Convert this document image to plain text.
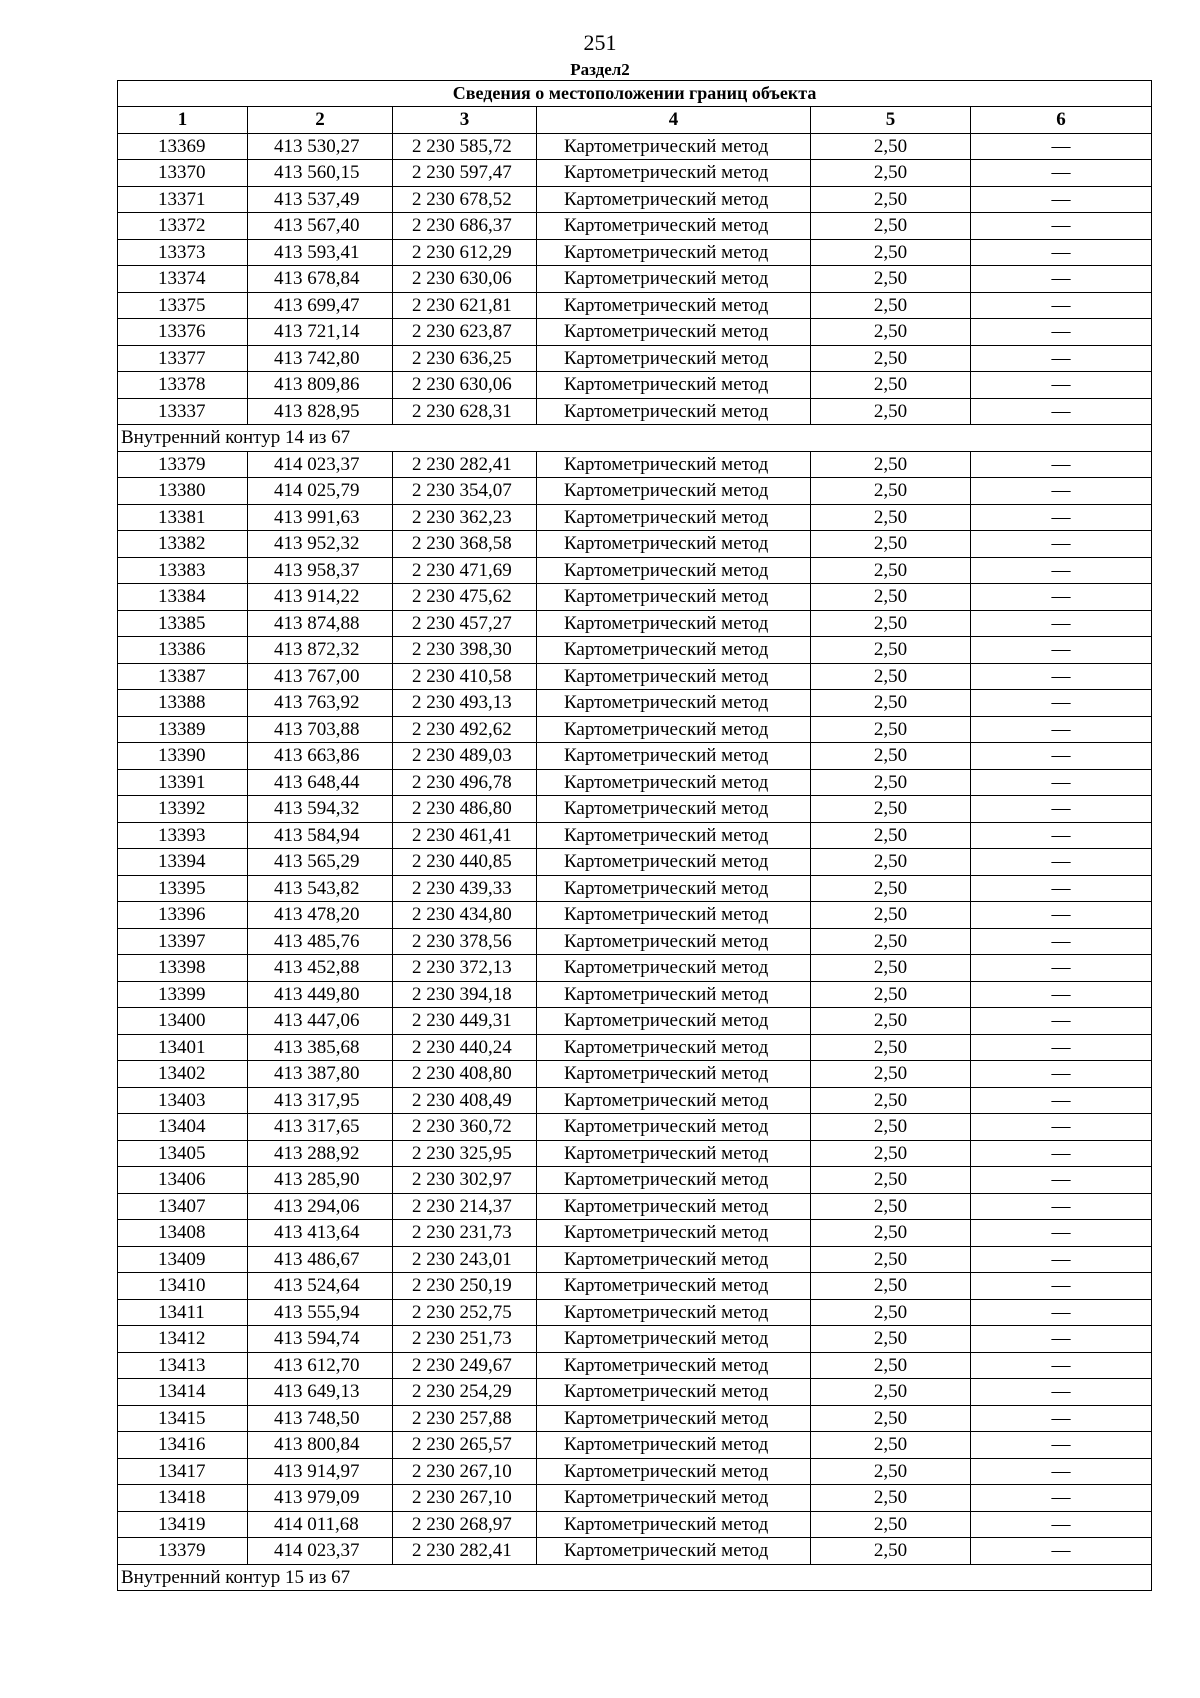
251
Раздел2
Сведения о местоположении границ объекта					
1	2	3	4	5	6
13369	413 530,27	2 230 585,72	Картометрический метод	2,50	—
13370	413 560,15	2 230 597,47	Картометрический метод	2,50	—
13371	413 537,49	2 230 678,52	Картометрический метод	2,50	—
13372	413 567,40	2 230 686,37	Картометрический метод	2,50	—
13373	413 593,41	2 230 612,29	Картометрический метод	2,50	—
13374	413 678,84	2 230 630,06	Картометрический метод	2,50	—
13375	413 699,47	2 230 621,81	Картометрический метод	2,50	—
13376	413 721,14	2 230 623,87	Картометрический метод	2,50	—
13377	413 742,80	2 230 636,25	Картометрический метод	2,50	—
13378	413 809,86	2 230 630,06	Картометрический метод	2,50	—
13337	413 828,95	2 230 628,31	Картометрический метод	2,50	—
Внутренний контур 14 из 67					
13379	414 023,37	2 230 282,41	Картометрический метод	2,50	—
13380	414 025,79	2 230 354,07	Картометрический метод	2,50	—
13381	413 991,63	2 230 362,23	Картометрический метод	2,50	—
13382	413 952,32	2 230 368,58	Картометрический метод	2,50	—
13383	413 958,37	2 230 471,69	Картометрический метод	2,50	—
13384	413 914,22	2 230 475,62	Картометрический метод	2,50	—
13385	413 874,88	2 230 457,27	Картометрический метод	2,50	—
13386	413 872,32	2 230 398,30	Картометрический метод	2,50	—
13387	413 767,00	2 230 410,58	Картометрический метод	2,50	—
13388	413 763,92	2 230 493,13	Картометрический метод	2,50	—
13389	413 703,88	2 230 492,62	Картометрический метод	2,50	—
13390	413 663,86	2 230 489,03	Картометрический метод	2,50	—
13391	413 648,44	2 230 496,78	Картометрический метод	2,50	—
13392	413 594,32	2 230 486,80	Картометрический метод	2,50	—
13393	413 584,94	2 230 461,41	Картометрический метод	2,50	—
13394	413 565,29	2 230 440,85	Картометрический метод	2,50	—
13395	413 543,82	2 230 439,33	Картометрический метод	2,50	—
13396	413 478,20	2 230 434,80	Картометрический метод	2,50	—
13397	413 485,76	2 230 378,56	Картометрический метод	2,50	—
13398	413 452,88	2 230 372,13	Картометрический метод	2,50	—
13399	413 449,80	2 230 394,18	Картометрический метод	2,50	—
13400	413 447,06	2 230 449,31	Картометрический метод	2,50	—
13401	413 385,68	2 230 440,24	Картометрический метод	2,50	—
13402	413 387,80	2 230 408,80	Картометрический метод	2,50	—
13403	413 317,95	2 230 408,49	Картометрический метод	2,50	—
13404	413 317,65	2 230 360,72	Картометрический метод	2,50	—
13405	413 288,92	2 230 325,95	Картометрический метод	2,50	—
13406	413 285,90	2 230 302,97	Картометрический метод	2,50	—
13407	413 294,06	2 230 214,37	Картометрический метод	2,50	—
13408	413 413,64	2 230 231,73	Картометрический метод	2,50	—
13409	413 486,67	2 230 243,01	Картометрический метод	2,50	—
13410	413 524,64	2 230 250,19	Картометрический метод	2,50	—
13411	413 555,94	2 230 252,75	Картометрический метод	2,50	—
13412	413 594,74	2 230 251,73	Картометрический метод	2,50	—
13413	413 612,70	2 230 249,67	Картометрический метод	2,50	—
13414	413 649,13	2 230 254,29	Картометрический метод	2,50	—
13415	413 748,50	2 230 257,88	Картометрический метод	2,50	—
13416	413 800,84	2 230 265,57	Картометрический метод	2,50	—
13417	413 914,97	2 230 267,10	Картометрический метод	2,50	—
13418	413 979,09	2 230 267,10	Картометрический метод	2,50	—
13419	414 011,68	2 230 268,97	Картометрический метод	2,50	—
13379	414 023,37	2 230 282,41	Картометрический метод	2,50	—
Внутренний контур 15 из 67					
